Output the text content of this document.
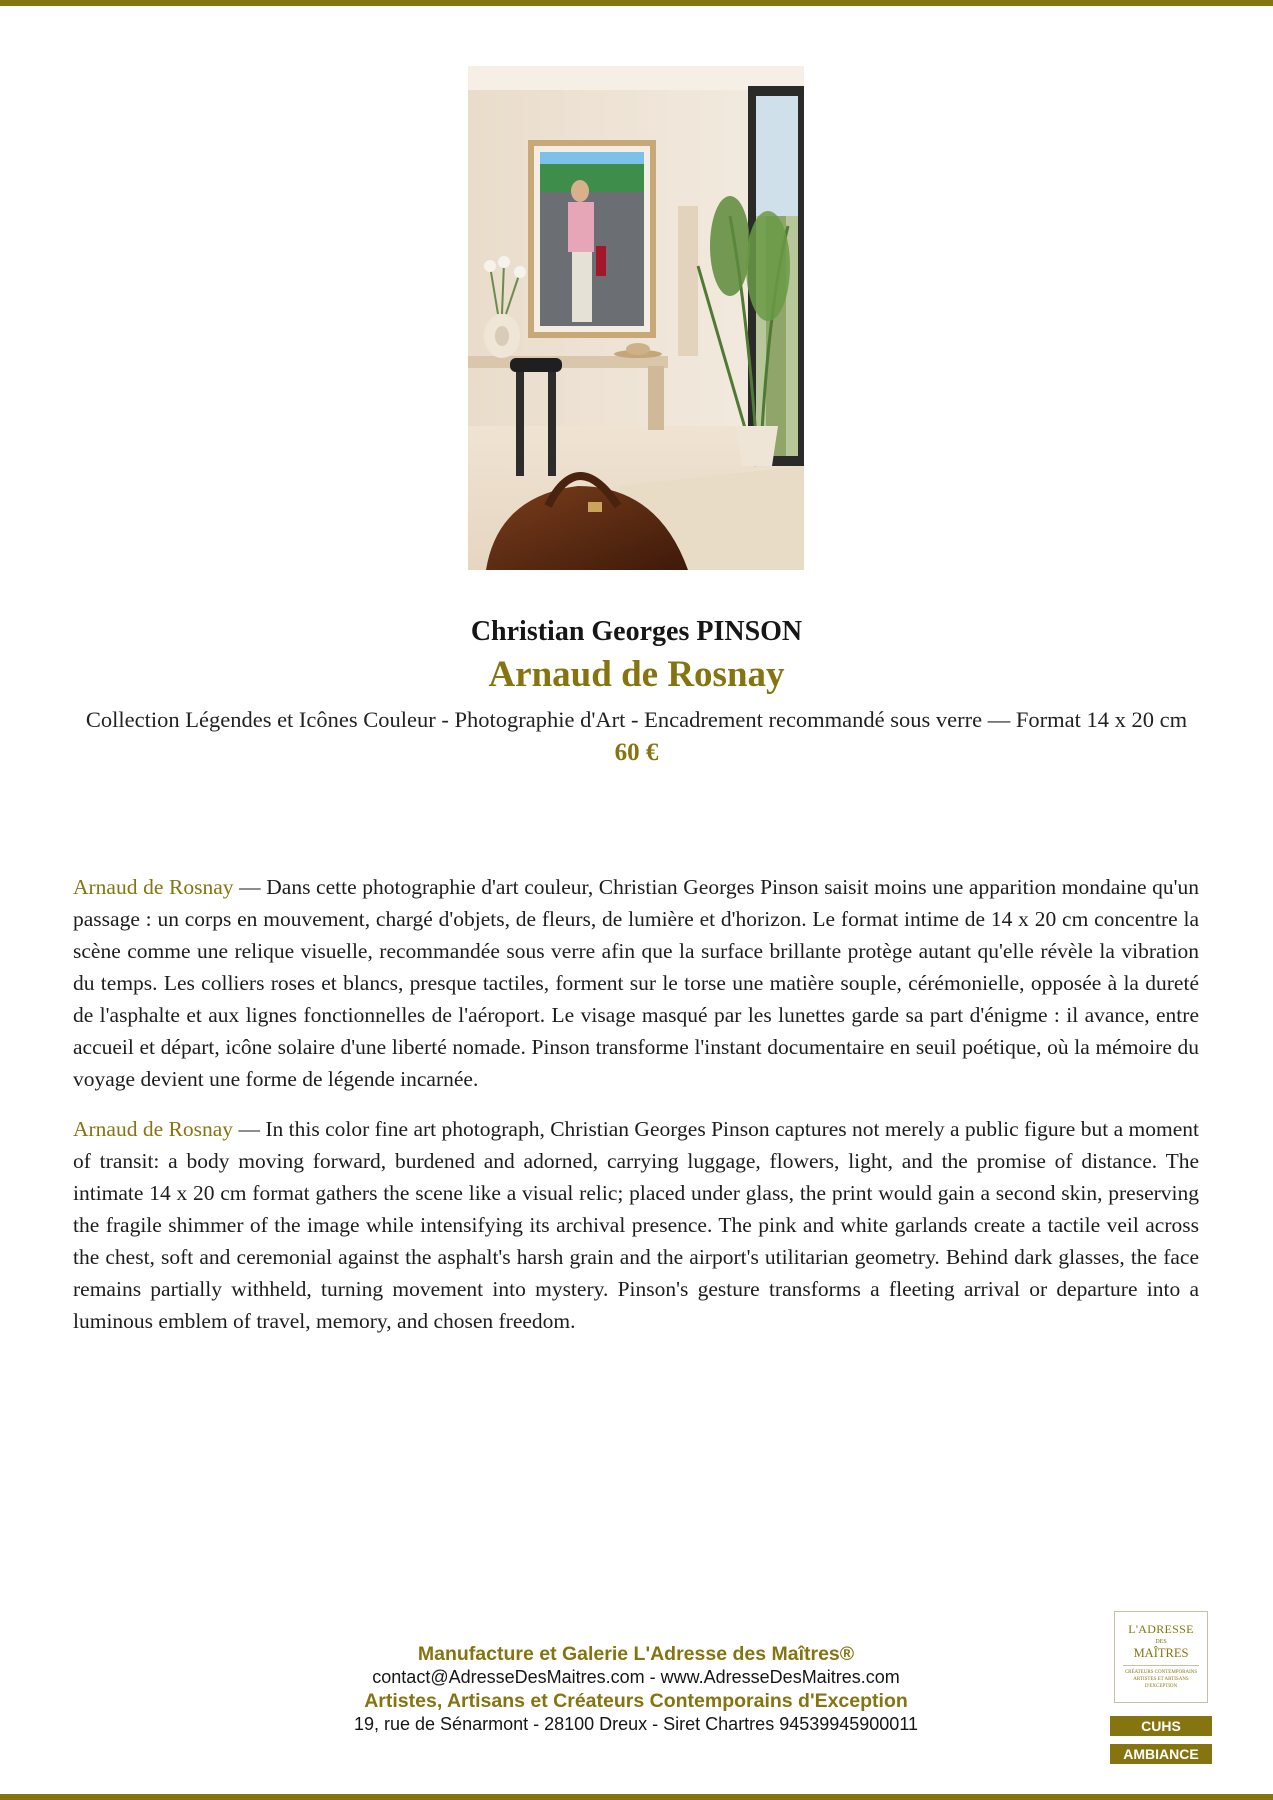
Christian Georges PINSON
Arnaud de Rosnay
Collection Légendes et Icônes Couleur - Photographie d'Art - Encadrement recommandé sous verre — Format 14 x 20 cm
60 €

Arnaud de Rosnay — Dans cette photographie d'art couleur, Christian Georges Pinson saisit moins une apparition mondaine qu'un passage : un corps en mouvement, chargé d'objets, de fleurs, de lumière et d'horizon. Le format intime de 14 x 20 cm concentre la scène comme une relique visuelle, recommandée sous verre afin que la surface brillante protège autant qu'elle révèle la vibration du temps. Les colliers roses et blancs, presque tactiles, forment sur le torse une matière souple, cérémonielle, opposée à la dureté de l'asphalte et aux lignes fonctionnelles de l'aéroport. Le visage masqué par les lunettes garde sa part d'énigme : il avance, entre accueil et départ, icône solaire d'une liberté nomade. Pinson transforme l'instant documentaire en seuil poétique, où la mémoire du voyage devient une forme de légende incarnée.

Arnaud de Rosnay — In this color fine art photograph, Christian Georges Pinson captures not merely a public figure but a moment of transit: a body moving forward, burdened and adorned, carrying luggage, flowers, light, and the promise of distance. The intimate 14 x 20 cm format gathers the scene like a visual relic; placed under glass, the print would gain a second skin, preserving the fragile shimmer of the image while intensifying its archival presence. The pink and white garlands create a tactile veil across the chest, soft and ceremonial against the asphalt's harsh grain and the airport's utilitarian geometry. Behind dark glasses, the face remains partially withheld, turning movement into mystery. Pinson's gesture transforms a fleeting arrival or departure into a luminous emblem of travel, memory, and chosen freedom.

Manufacture et Galerie L'Adresse des Maîtres®
contact@AdresseDesMaitres.com - www.AdresseDesMaitres.com
Artistes, Artisans et Créateurs Contemporains d'Exception
19, rue de Sénarmont - 28100 Dreux - Siret Chartres 94539945900011
L'ADRESSE
DES
MAÎTRES
CRÉATEURS CONTEMPORAINS ARTISTES ET ARTISANS D'EXCEPTION
CUHS
AMBIANCE
